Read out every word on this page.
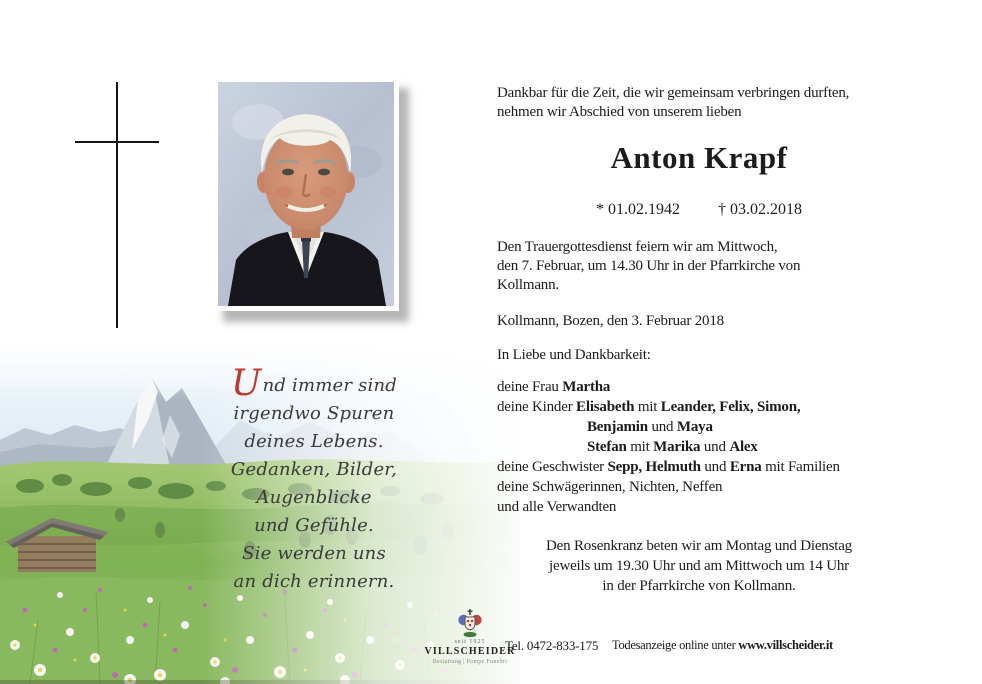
Und immer sind
irgendwo Spuren
deines Lebens.
Gedanken, Bilder,
Augenblicke
und Gefühle.
Sie werden uns
an dich erinnern.
Dankbar für die Zeit, die wir gemeinsam verbringen durften,
nehmen wir Abschied von unserem lieben
Anton Krapf
* 01.02.1942 † 03.02.2018
Den Trauergottesdienst feiern wir am Mittwoch,
den 7. Februar, um 14.30 Uhr in der Pfarrkirche von
Kollmann.
Kollmann, Bozen, den 3. Februar 2018
In Liebe und Dankbarkeit:
deine Frau Martha
deine Kinder Elisabeth mit Leander, Felix, Simon,
Benjamin und Maya
Stefan mit Marika und Alex
deine Geschwister Sepp, Helmuth und Erna mit Familien
deine Schwägerinnen, Nichten, Neffen
und alle Verwandten
Den Rosenkranz beten wir am Montag und Dienstag
jeweils um 19.30 Uhr und am Mittwoch um 14 Uhr
in der Pfarrkirche von Kollmann.
seit 1925
VILLSCHEIDER
Bestattung | Pompe Funebri
Tel. 0472-833-175 Todesanzeige online unter www.villscheider.it
